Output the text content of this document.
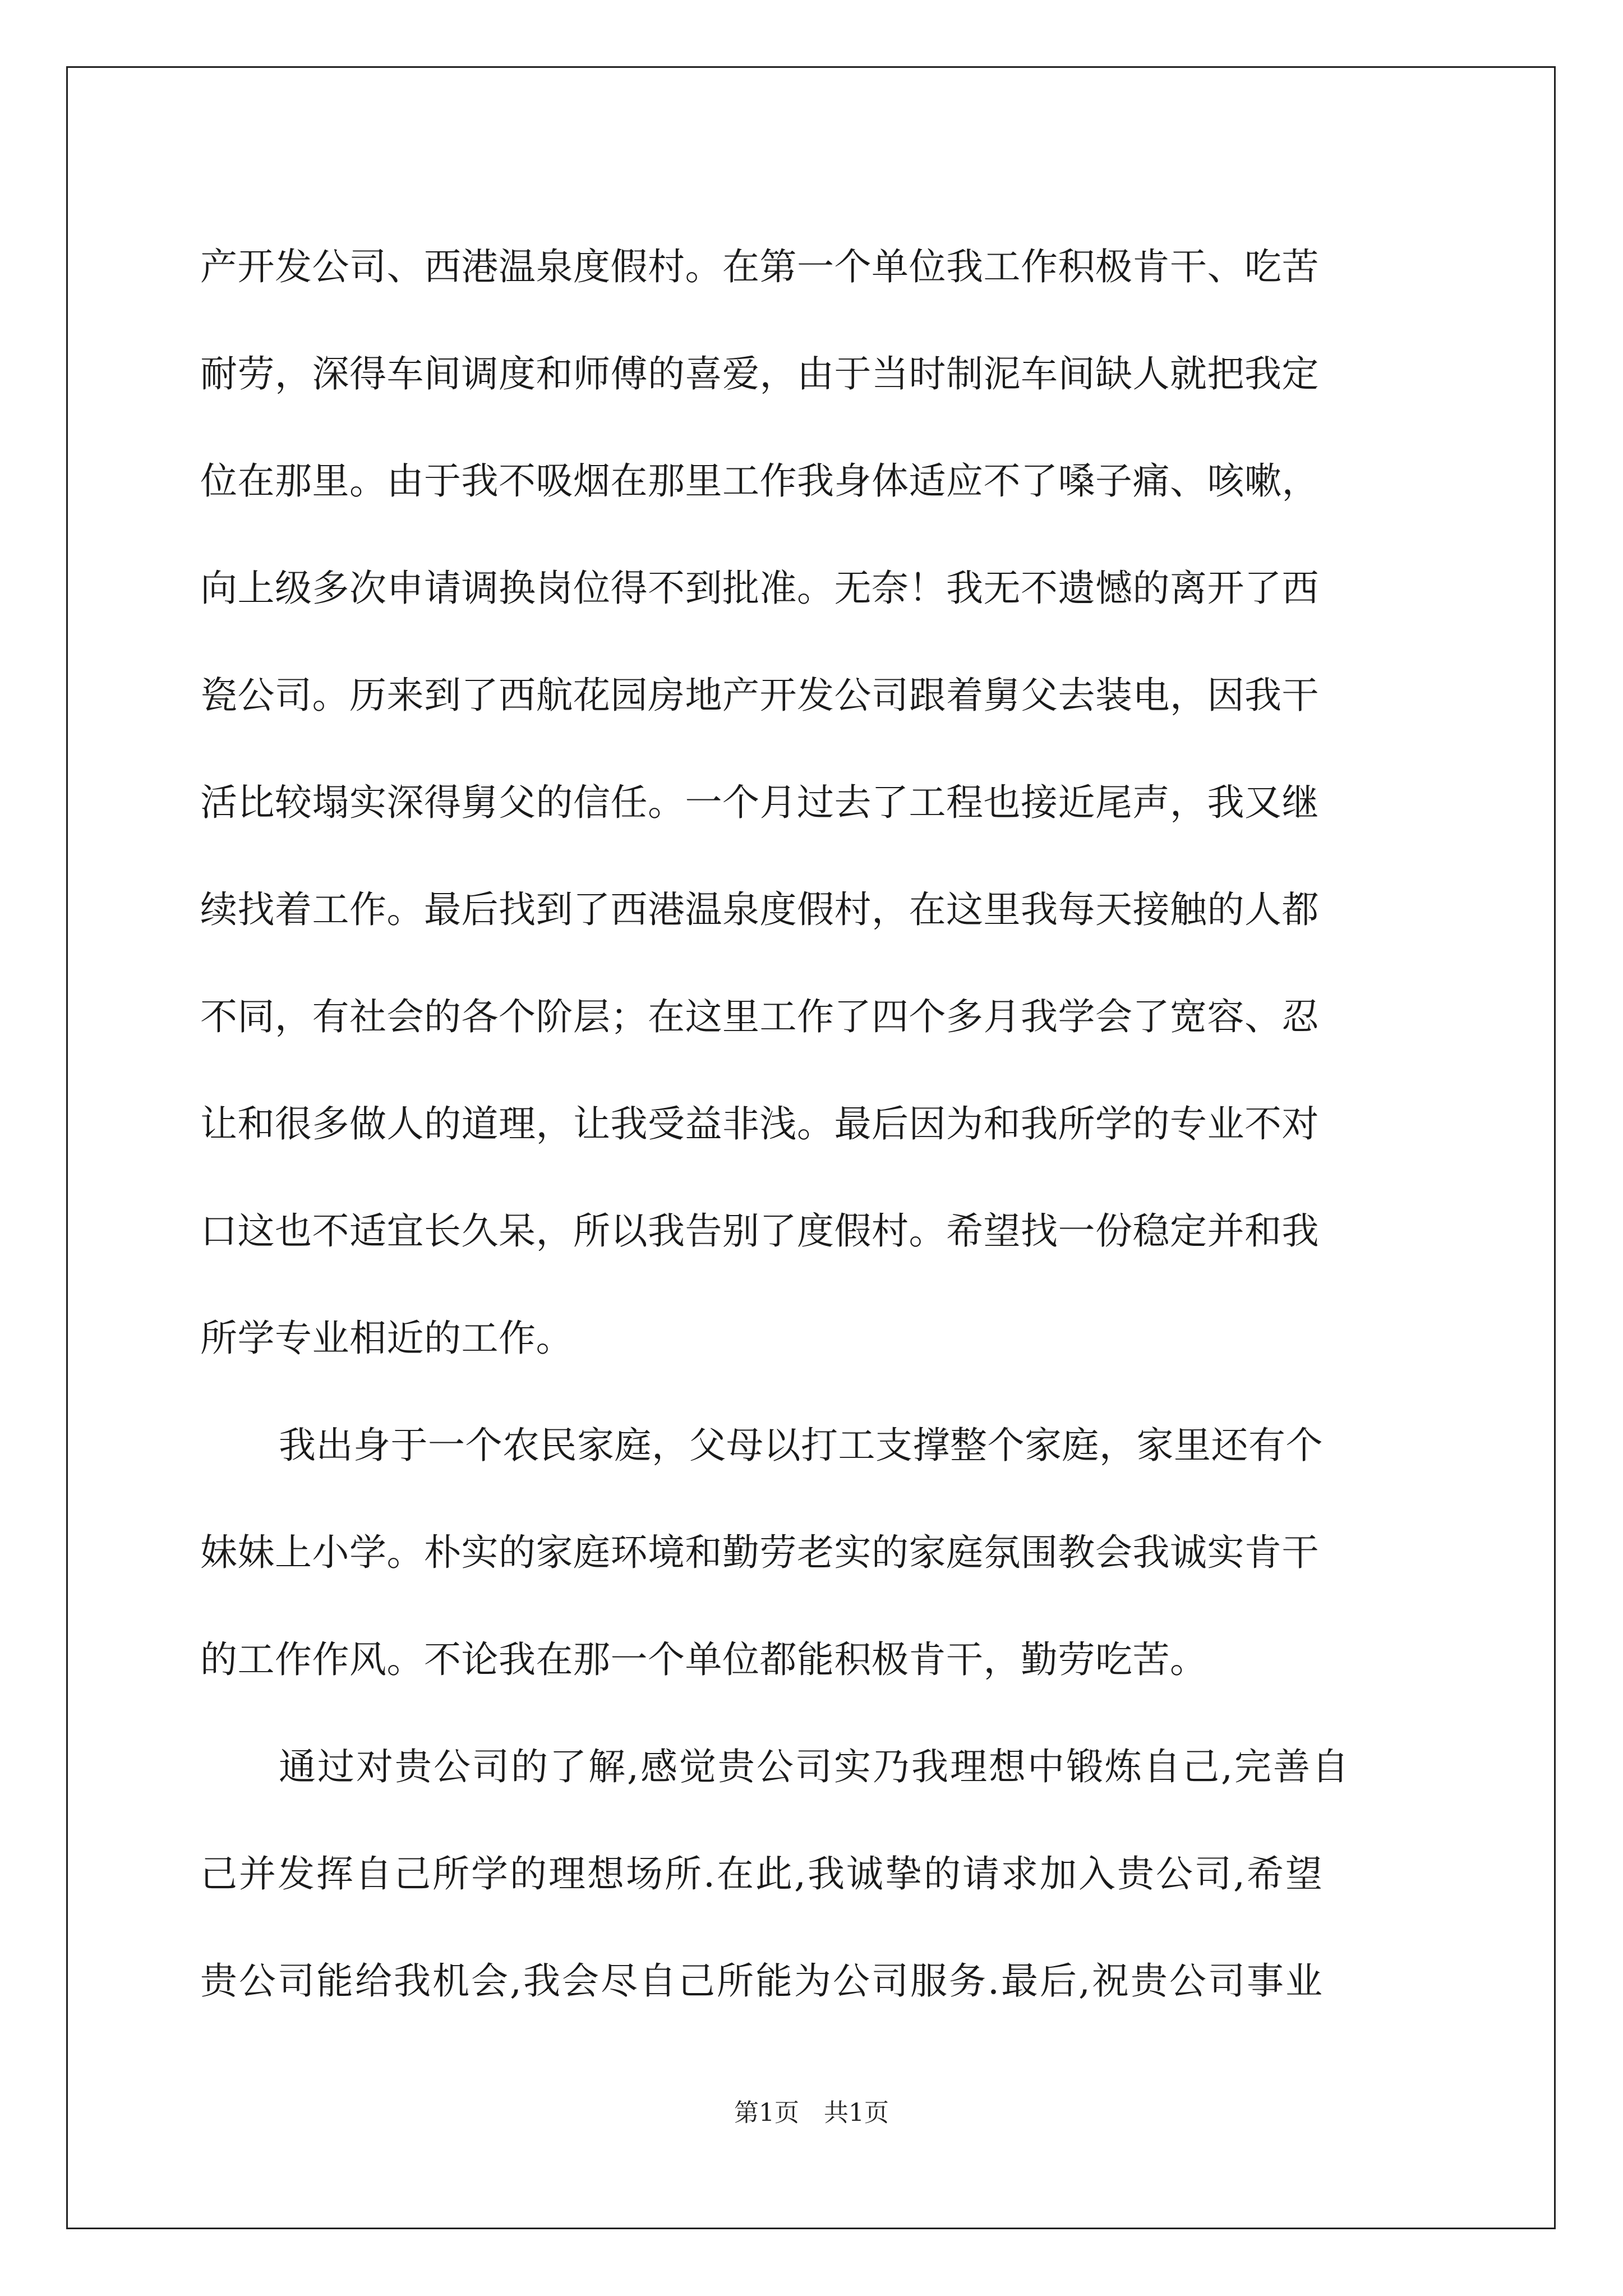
产开发公司、西港温泉度假村。在第一个单位我工作积极肯干、吃苦
耐劳，深得车间调度和师傅的喜爱，由于当时制泥车间缺人就把我定
位在那里。由于我不吸烟在那里工作我身体适应不了嗓子痛、咳嗽，
向上级多次申请调换岗位得不到批准。无奈！我无不遗憾的离开了西
瓷公司。历来到了西航花园房地产开发公司跟着舅父去装电，因我干
活比较塌实深得舅父的信任。一个月过去了工程也接近尾声，我又继
续找着工作。最后找到了西港温泉度假村，在这里我每天接触的人都
不同，有社会的各个阶层；在这里工作了四个多月我学会了宽容、忍
让和很多做人的道理，让我受益非浅。最后因为和我所学的专业不对
口这也不适宜长久呆，所以我告别了度假村。希望找一份稳定并和我
所学专业相近的工作。

我出身于一个农民家庭，父母以打工支撑整个家庭，家里还有个
妹妹上小学。朴实的家庭环境和勤劳老实的家庭氛围教会我诚实肯干
的工作作风。不论我在那一个单位都能积极肯干，勤劳吃苦。

通过对贵公司的了解,感觉贵公司实乃我理想中锻炼自己,完善自
己并发挥自己所学的理想场所.在此,我诚挚的请求加入贵公司,希望
贵公司能给我机会,我会尽自己所能为公司服务.最后,祝贵公司事业

第1页　共1页
